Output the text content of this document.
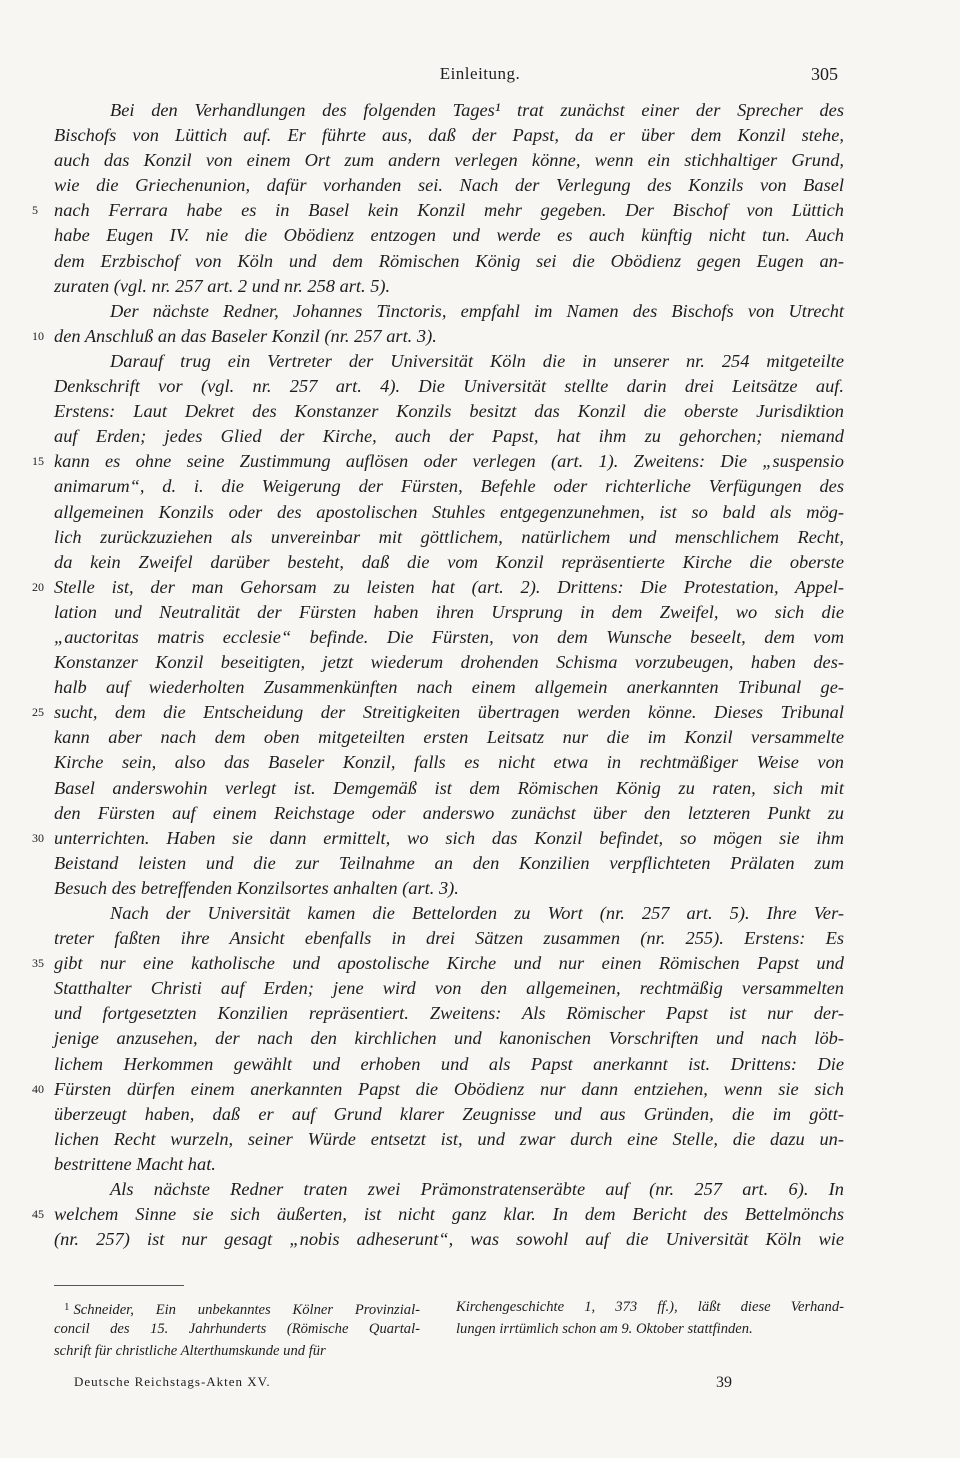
Einleitung.	305
Bei den Verhandlungen des folgenden Tages¹ trat zunächst einer der Sprecher des
Bischofs von Lüttich auf. Er führte aus, daß der Papst, da er über dem Konzil stehe,
auch das Konzil von einem Ort zum andern verlegen könne, wenn ein stichhaltiger Grund,
wie die Griechenunion, dafür vorhanden sei. Nach der Verlegung des Konzils von Basel
5 nach Ferrara habe es in Basel kein Konzil mehr gegeben. Der Bischof von Lüttich
habe Eugen IV. nie die Obödienz entzogen und werde es auch künftig nicht tun. Auch
dem Erzbischof von Köln und dem Römischen König sei die Obödienz gegen Eugen an-
zuraten (vgl. nr. 257 art. 2 und nr. 258 art. 5).
Der nächste Redner, Johannes Tinctoris, empfahl im Namen des Bischofs von Utrecht
10 den Anschluß an das Baseler Konzil (nr. 257 art. 3).
Darauf trug ein Vertreter der Universität Köln die in unserer nr. 254 mitgeteilte
Denkschrift vor (vgl. nr. 257 art. 4). Die Universität stellte darin drei Leitsätze auf.
Erstens: Laut Dekret des Konstanzer Konzils besitzt das Konzil die oberste Jurisdiktion
auf Erden; jedes Glied der Kirche, auch der Papst, hat ihm zu gehorchen; niemand
15 kann es ohne seine Zustimmung auflösen oder verlegen (art. 1). Zweitens: Die „suspensio
animarum“, d. i. die Weigerung der Fürsten, Befehle oder richterliche Verfügungen des
allgemeinen Konzils oder des apostolischen Stuhles entgegenzunehmen, ist so bald als mög-
lich zurückzuziehen als unvereinbar mit göttlichem, natürlichem und menschlichem Recht,
da kein Zweifel darüber besteht, daß die vom Konzil repräsentierte Kirche die oberste
20 Stelle ist, der man Gehorsam zu leisten hat (art. 2). Drittens: Die Protestation, Appel-
lation und Neutralität der Fürsten haben ihren Ursprung in dem Zweifel, wo sich die
„auctoritas matris ecclesie“ befinde. Die Fürsten, von dem Wunsche beseelt, dem vom
Konstanzer Konzil beseitigten, jetzt wiederum drohenden Schisma vorzubeugen, haben des-
halb auf wiederholten Zusammenkünften nach einem allgemein anerkannten Tribunal ge-
25 sucht, dem die Entscheidung der Streitigkeiten übertragen werden könne. Dieses Tribunal
kann aber nach dem oben mitgeteilten ersten Leitsatz nur die im Konzil versammelte
Kirche sein, also das Baseler Konzil, falls es nicht etwa in rechtmäßiger Weise von
Basel anderswohin verlegt ist. Demgemäß ist dem Römischen König zu raten, sich mit
den Fürsten auf einem Reichstage oder anderswo zunächst über den letzteren Punkt zu
30 unterrichten. Haben sie dann ermittelt, wo sich das Konzil befindet, so mögen sie ihm
Beistand leisten und die zur Teilnahme an den Konzilien verpflichteten Prälaten zum
Besuch des betreffenden Konzilsortes anhalten (art. 3).
Nach der Universität kamen die Bettelorden zu Wort (nr. 257 art. 5). Ihre Ver-
treter faßten ihre Ansicht ebenfalls in drei Sätzen zusammen (nr. 255). Erstens: Es
35 gibt nur eine katholische und apostolische Kirche und nur einen Römischen Papst und
Statthalter Christi auf Erden; jene wird von den allgemeinen, rechtmäßig versammelten
und fortgesetzten Konzilien repräsentiert. Zweitens: Als Römischer Papst ist nur der-
jenige anzusehen, der nach den kirchlichen und kanonischen Vorschriften und nach löb-
lichem Herkommen gewählt und erhoben und als Papst anerkannt ist. Drittens: Die
40 Fürsten dürfen einem anerkannten Papst die Obödienz nur dann entziehen, wenn sie sich
überzeugt haben, daß er auf Grund klarer Zeugnisse und aus Gründen, die im gött-
lichen Recht wurzeln, seiner Würde entsetzt ist, und zwar durch eine Stelle, die dazu un-
bestrittene Macht hat.
Als nächste Redner traten zwei Prämonstratenseräbte auf (nr. 257 art. 6). In
45 welchem Sinne sie sich äußerten, ist nicht ganz klar. In dem Bericht des Bettelmönchs
(nr. 257) ist nur gesagt „nobis adheserunt“, was sowohl auf die Universität Köln wie
$^1$ Schneider, Ein unbekanntes Kölner Provinzial-
concil des 15. Jahrhunderts (Römische Quartal-
schrift für christliche Alterthumskunde und für
Kirchengeschichte 1, 373 ff.), läßt diese Verhand-
lungen irrtümlich schon am 9. Oktober stattfinden.
Deutsche Reichstags-Akten XV.	39
